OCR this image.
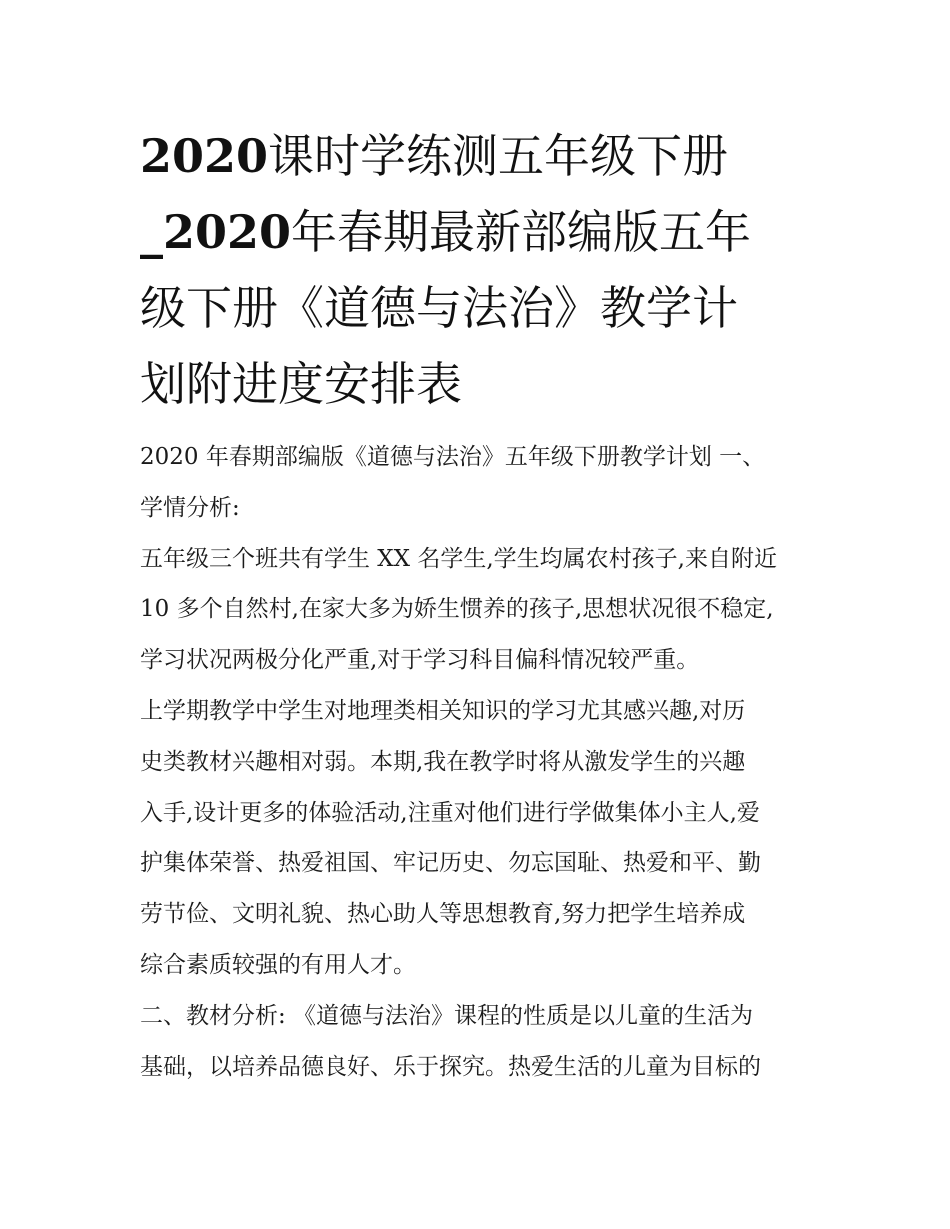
2020课时学练测五年级下册
_2020年春期最新部编版五年
级下册《道德与法治》教学计
划附进度安排表
2020 年春期部编版《道德与法治》五年级下册教学计划 一、
学情分析:
五年级三个班共有学生 XX 名学生,学生均属农村孩子,来自附近
10 多个自然村,在家大多为娇生惯养的孩子,思想状况很不稳定,
学习状况两极分化严重,对于学习科目偏科情况较严重。
上学期教学中学生对地理类相关知识的学习尤其感兴趣,对历
史类教材兴趣相对弱。本期,我在教学时将从激发学生的兴趣
入手,设计更多的体验活动,注重对他们进行学做集体小主人,爱
护集体荣誉、热爱祖国、牢记历史、勿忘国耻、热爱和平、勤
劳节俭、文明礼貌、热心助人等思想教育,努力把学生培养成
综合素质较强的有用人才。
二、教材分析: 《道德与法治》课程的性质是以儿童的生活为
基础，以培养品德良好、乐于探究。热爱生活的儿童为目标的
